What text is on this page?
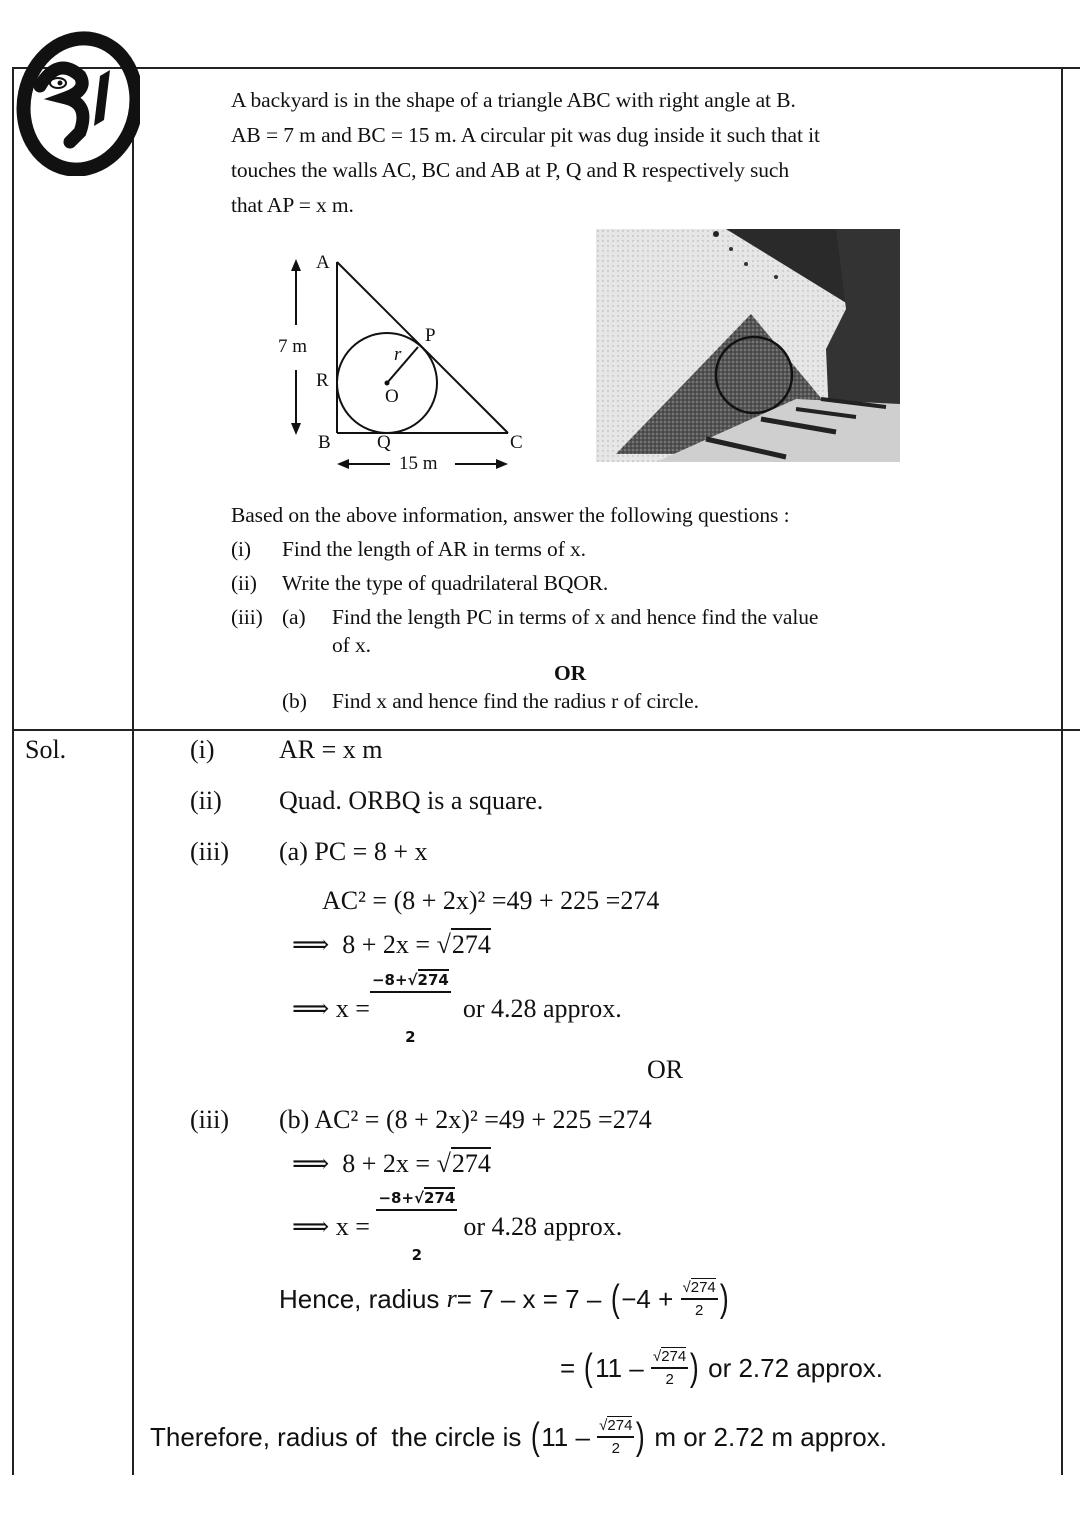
A backyard is in the shape of a triangle ABC with right angle at B.

AB = 7 m and BC = 15 m. A circular pit was dug inside it such that it

touches the walls AC, BC and AB at P, Q and R respectively such

that AP = x m.

A
P
r
7 m
R
O
B Q	C
15 m
Based on the above information, answer the following questions :
(i) Find the length of AR in terms of x.
(ii) Write the type of quadrilateral BQOR.
(iii) (a) Find the length PC in terms of x and hence find the value
of x.
OR
(b) Find x and hence find the radius r of circle.
Sol.	(i) AR = x m
(ii) Quad. ORBQ is a square.
(iii) (a) PC = 8 + x
AC² = (8 + 2x)² =49 + 225 =274
⟹  8 + 2x = √274
⟹ x =

$\frac{-8+√274}{2}$

or 4.28 approx.
OR
(iii) (b) AC² = (8 + 2x)² =49 + 225 =274
⟹  8 + 2x = √274
⟹ x =

$\frac{-8+√274}{2}$

or 4.28 approx.
Hence, radius r = 7 – x = 7 – ( $-4 + \frac{√274}{2}$ )
= ( $11 - \frac{√274}{2}$ ) or 2.72 approx.
Therefore, radius of  the circle is ( $11 - \frac{√274}{2}$ ) m or 2.72 m approx.
